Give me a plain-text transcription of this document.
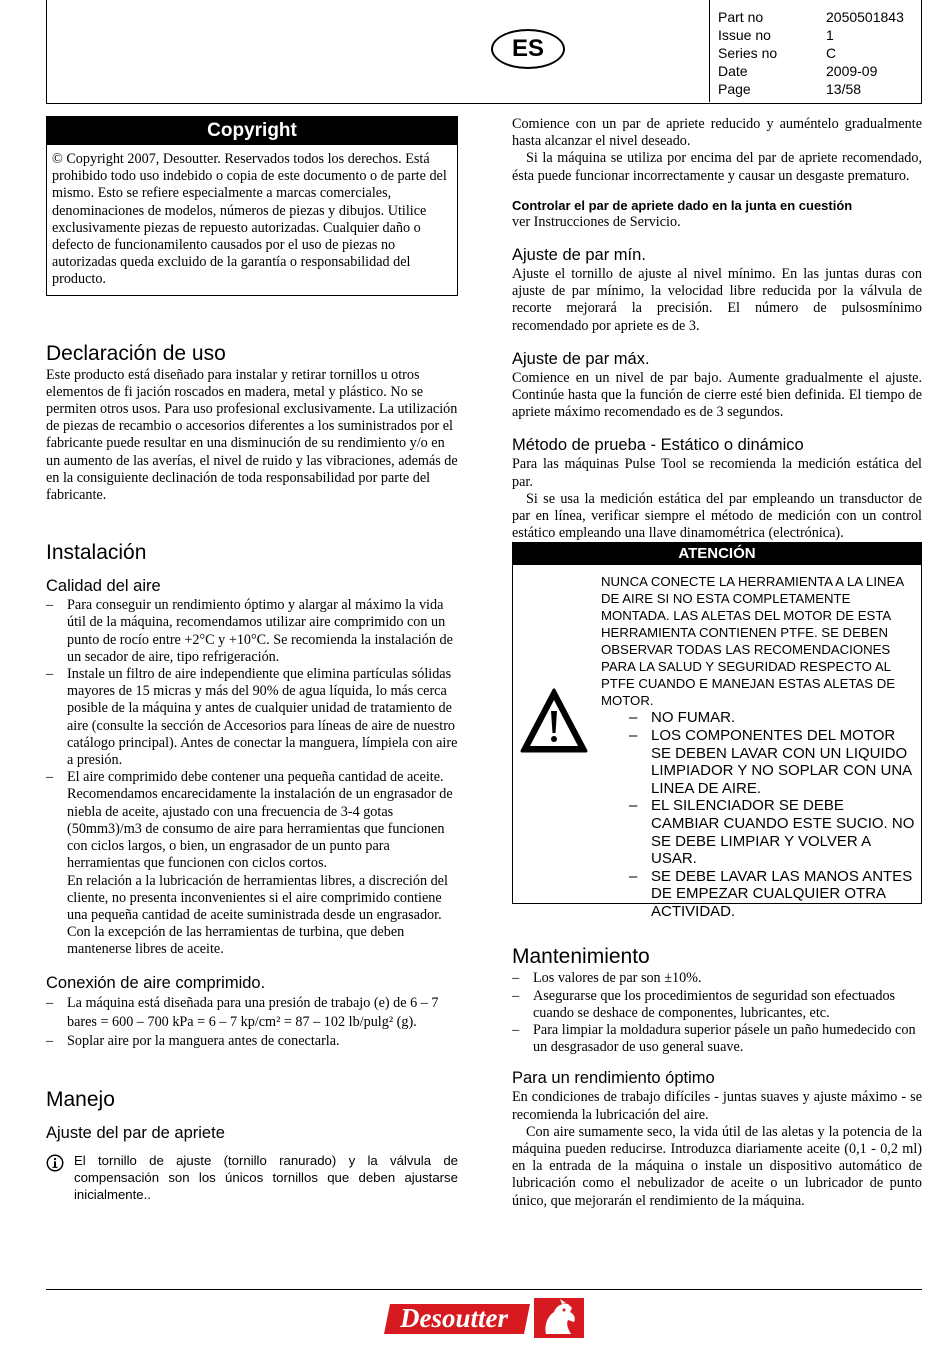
ES
Part no	2050501843
Issue no	1
Series no	C
Date	2009-09
Page	13/58
Copyright

© Copyright 2007, Desoutter. Reservados todos los derechos. Está prohibido todo uso indebido o copia de este documento o de parte del mismo. Esto se refiere especialmente a marcas comerciales, denominaciones de modelos, números de piezas y dibujos. Utilice exclusivamente piezas de repuesto autorizadas. Cualquier daño o defecto de funcionamilento causados por el uso de piezas no autorizadas queda excluido de la garantía o responsabilidad del producto.

Declaración de uso

Este producto está diseñado para instalar y retirar tornillos u otros elementos de fi jación roscados en madera, metal y plástico. No se permiten otros usos. Para uso profesional exclusivamente. La utilización de piezas de recambio o accesorios diferentes a los suministrados por el fabricante puede resultar en una disminución de su rendimiento y/o en un aumento de las averías, el nivel de ruido y las vibraciones, además de en la consiguiente declinación de toda responsabilidad por parte del fabricante.

Instalación
Calidad del aire
– Para conseguir un rendimiento óptimo y alargar al máximo la vida útil de la máquina, recomendamos utilizar aire comprimido con un punto de rocío entre +2°C y +10°C. Se recomienda la instalación de un secador de aire, tipo refrigeración.
– Instale un filtro de aire independiente que elimina partículas sólidas mayores de 15 micras y más del 90% de agua líquida, lo más cerca posible de la máquina y antes de cualquier unidad de tratamiento de aire (consulte la sección de Accesorios para líneas de aire de nuestro catálogo principal). Antes de conectar la manguera, límpiela con aire a presión.
– El aire comprimido debe contener una pequeña cantidad de aceite.
Recomendamos encarecidamente la instalación de un engrasador de niebla de aceite, ajustado con una frecuencia de 3-4 gotas (50mm3)/m3 de consumo de aire para herramientas que funcionen con ciclos largos, o bien, un engrasador de un punto para herramientas que funcionen con ciclos cortos.
En relación a la lubricación de herramientas libres, a discreción del cliente, no presenta inconvenientes si el aire comprimido contiene una pequeña cantidad de aceite suministrada desde un engrasador.
Con la excepción de las herramientas de turbina, que deben mantenerse libres de aceite.
Conexión de aire comprimido.
– La máquina está diseñada para una presión de trabajo (e) de 6 – 7 bares = 600 – 700 kPa = 6 – 7 kp/cm² = 87 – 102 lb/pulg² (g).
– Soplar aire por la manguera antes de conectarla.
Manejo
Ajuste del par de apriete
El tornillo de ajuste (tornillo ranurado) y la válvula de compensación son los únicos tornillos que deben ajustarse inicialmente..

Comience con un par de apriete reducido y auméntelo gradualmente hasta alcanzar el nivel deseado.

Si la máquina se utiliza por encima del par de apriete recomendado, ésta puede funcionar incorrectamente y causar un desgaste prematuro.

Controlar el par de apriete dado en la junta en cuestión

ver Instrucciones de Servicio.

Ajuste de par mín.

Ajuste el tornillo de ajuste al nivel mínimo. En las juntas duras con ajuste de par mínimo, la velocidad libre reducida por la válvula de recorte mejorará la precisión. El número de pulsosmínimo recomendado por apriete es de 3.

Ajuste de par máx.

Comience en un nivel de par bajo. Aumente gradualmente el ajuste. Continúe hasta que la función de cierre esté bien definida. El tiempo de apriete máximo recomendado es de 3 segundos.

Método de prueba - Estático o dinámico

Para las máquinas Pulse Tool se recomienda la medición estática del par.

Si se usa la medición estática del par empleando un transductor de par en línea, verificar siempre el método de medición con un control estático empleando una llave dinamométrica (electrónica).

ATENCIÓN

NUNCA CONECTE LA HERRAMIENTA A LA LINEA DE AIRE SI NO ESTA COMPLETAMENTE MONTADA. LAS ALETAS DEL MOTOR DE ESTA HERRAMIENTA CONTIENEN PTFE. SE DEBEN OBSERVAR TODAS LAS RECOMENDACIONES PARA LA SALUD Y SEGURIDAD RESPECTO AL PTFE CUANDO E MANEJAN ESTAS ALETAS DE MOTOR.

– NO FUMAR.
– LOS COMPONENTES DEL MOTOR SE DEBEN LAVAR CON UN LIQUIDO LIMPIADOR Y NO SOPLAR CON UNA LINEA DE AIRE.
– EL SILENCIADOR SE DEBE CAMBIAR CUANDO ESTE SUCIO. NO SE DEBE LIMPIAR Y VOLVER A USAR.
– SE DEBE LAVAR LAS MANOS ANTES DE EMPEZAR CUALQUIER OTRA ACTIVIDAD.
Mantenimiento
– Los valores de par son ±10%.
– Asegurarse que los procedimientos de seguridad son efectuados cuando se deshace de componentes, lubricantes, etc.
– Para limpiar la moldadura superior pásele un paño humedecido con un desgrasador de uso general suave.
Para un rendimiento óptimo

En condiciones de trabajo difíciles - juntas suaves y ajuste máximo - se recomienda la lubricación del aire.

Con aire sumamente seco, la vida útil de las aletas y la potencia de la máquina pueden reducirse. Introduzca diariamente aceite (0,1 - 0,2 ml) en la entrada de la máquina o instale un dispositivo automático de lubricación como el nebulizador de aceite o un lubricador de punto único, que mejorarán el rendimiento de la máquina.

Desoutter
